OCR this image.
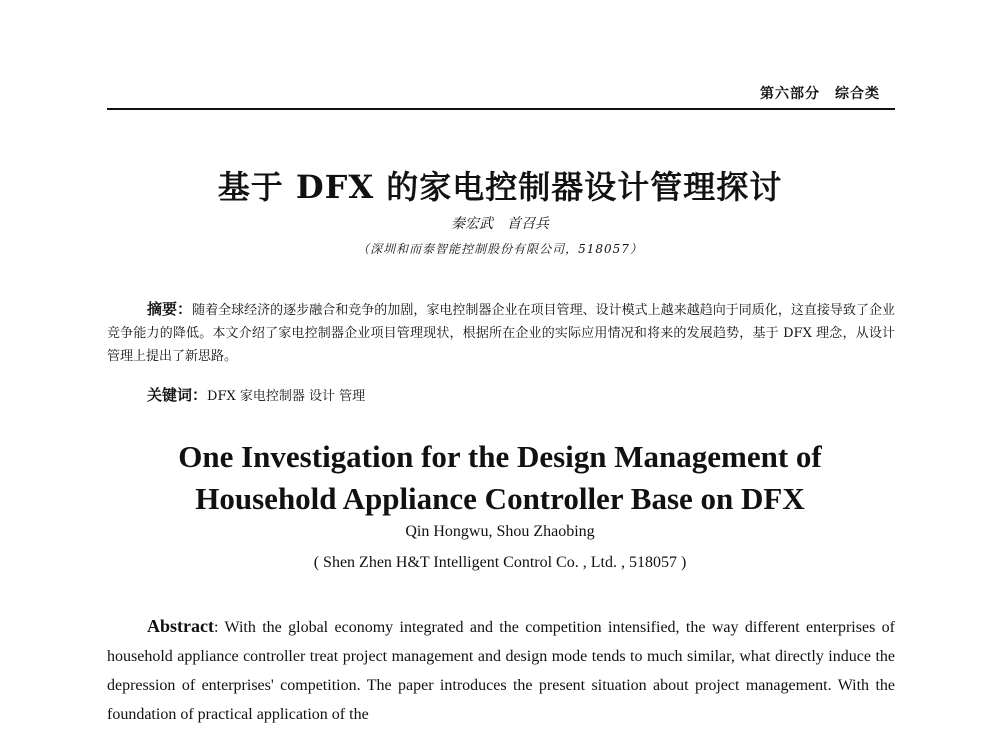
第六部分　综合类
基于 DFX 的家电控制器设计管理探讨
秦宏武　首召兵
（深圳和而泰智能控制股份有限公司，518057）
摘要：随着全球经济的逐步融合和竞争的加剧，家电控制器企业在项目管理、设计模式上越来越趋向于同质化，这直接导致了企业竞争能力的降低。本文介绍了家电控制器企业项目管理现状，根据所在企业的实际应用情况和将来的发展趋势，基于 DFX 理念，从设计管理上提出了新思路。
关键词：DFX 家电控制器 设计 管理
One Investigation for the Design Management of
Household Appliance Controller Base on DFX
Qin Hongwu, Shou Zhaobing
( Shen Zhen H&T Intelligent Control Co. , Ltd. , 518057 )
Abstract: With the global economy integrated and the competition intensified, the way different enterprises of household appliance controller treat project management and design mode tends to much similar, what directly induce the depression of enterprises' competition. The paper introduces the present situation about project management. With the foundation of practical application of the
